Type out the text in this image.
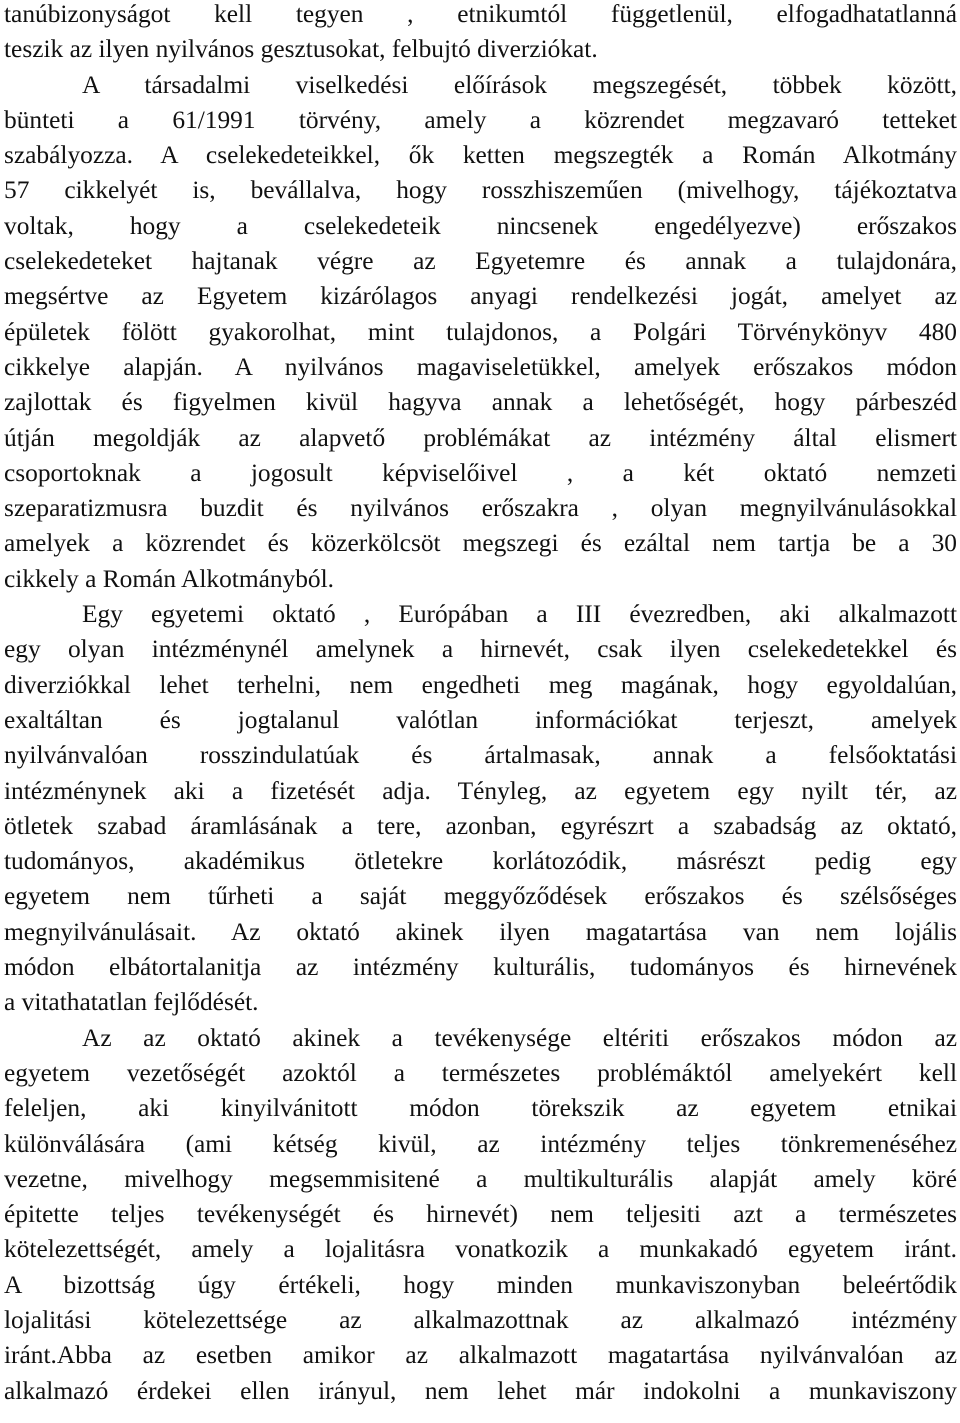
tanúbizonyságot kell tegyen , etnikumtól függetlenül, elfogadhatatlanná
teszik az ilyen nyilvános gesztusokat, felbujtó diverziókat.
A társadalmi viselkedési előírások megszegését, többek között,
bünteti a 61/1991 törvény, amely a közrendet megzavaró tetteket
szabályozza. A cselekedeteikkel, ők ketten megszegték a Román Alkotmány
57 cikkelyét is, bevállalva, hogy rosszhiszeműen (mivelhogy, tájékoztatva
voltak, hogy a cselekedeteik nincsenek engedélyezve) erőszakos
cselekedeteket hajtanak végre az Egyetemre és annak a tulajdonára,
megsértve az Egyetem kizárólagos anyagi rendelkezési jogát, amelyet az
épületek fölött gyakorolhat, mint tulajdonos, a Polgári Törvénykönyv 480
cikkelye alapján. A nyilvános magaviseletükkel, amelyek erőszakos módon
zajlottak és figyelmen kivül hagyva annak a lehetőségét, hogy párbeszéd
útján megoldják az alapvető problémákat az intézmény által elismert
csoportoknak a jogosult képviselőivel , a két oktató nemzeti
szeparatizmusra buzdit és nyilvános erőszakra , olyan megnyilvánulásokkal
amelyek a közrendet és közerkölcsöt megszegi és ezáltal nem tartja be a 30
cikkely a Román Alkotmányból.
Egy egyetemi oktató , Európában a III évezredben, aki alkalmazott
egy olyan intézménynél amelynek a hirnevét, csak ilyen cselekedetekkel és
diverziókkal lehet terhelni, nem engedheti meg magának, hogy egyoldalúan,
exaltáltan és jogtalanul valótlan információkat terjeszt, amelyek
nyilvánvalóan rosszindulatúak és ártalmasak, annak a felsőoktatási
intézménynek aki a fizetését adja. Tényleg, az egyetem egy nyilt tér, az
ötletek szabad áramlásának a tere, azonban, egyrészrt a szabadság az oktató,
tudományos, akadémikus ötletekre korlátozódik, másrészt pedig egy
egyetem nem tűrheti a saját meggyőződések erőszakos és szélsőséges
megnyilvánulásait. Az oktató akinek ilyen magatartása van nem lojális
módon elbátortalanitja az intézmény kulturális, tudományos és hirnevének
a vitathatatlan fejlődését.
Az az oktató akinek a tevékenysége eltériti erőszakos módon az
egyetem vezetőségét azoktól a természetes problémáktól amelyekért kell
feleljen, aki kinyilvánitott módon törekszik az egyetem etnikai
különválására (ami kétség kivül, az intézmény teljes tönkremenéséhez
vezetne, mivelhogy megsemmisitené a multikulturális alapját amely köré
épitette teljes tevékenységét és hirnevét) nem teljesiti azt a természetes
kötelezettségét, amely a lojalitásra vonatkozik a munkakadó egyetem iránt.
A bizottság úgy értékeli, hogy minden munkaviszonyban beleértődik
lojalitási kötelezettsége az alkalmazottnak az alkalmazó intézmény
iránt.Abba az esetben amikor az alkalmazott magatartása nyilvánvalóan az
alkalmazó érdekei ellen irányul, nem lehet már indokolni a munkaviszony
